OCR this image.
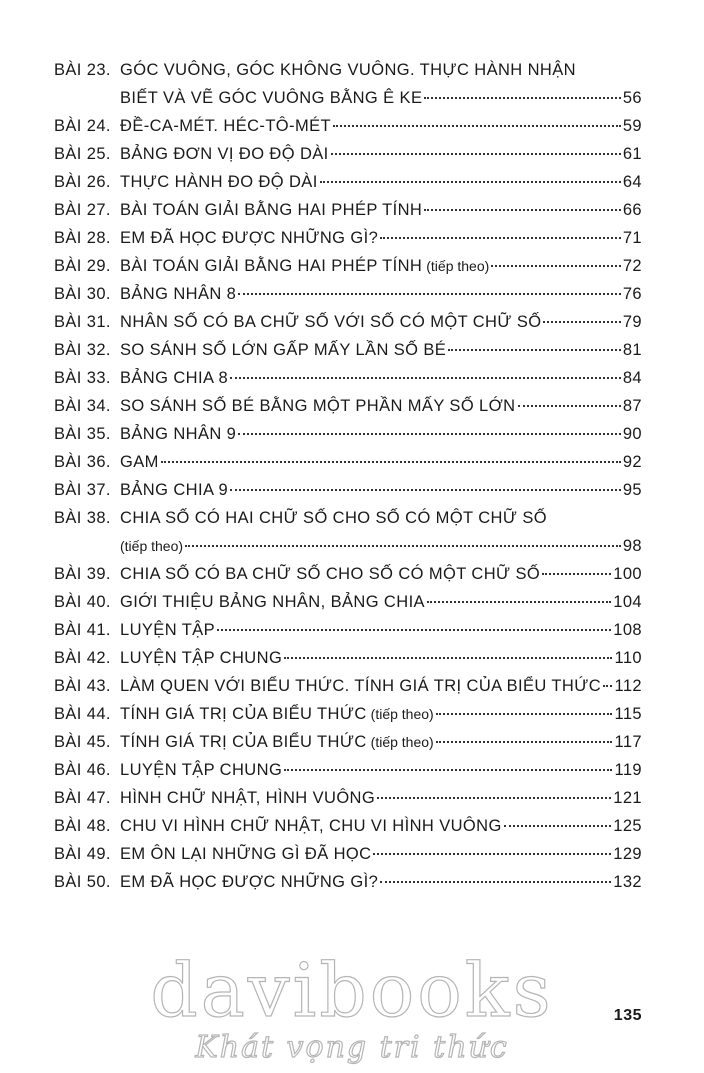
BÀI 23. GÓC VUÔNG, GÓC KHÔNG VUÔNG. THỰC HÀNH NHẬN
BIẾT VÀ VẼ GÓC VUÔNG BẰNG Ê KE	56
BÀI 24. ĐỀ-CA-MÉT. HÉC-TÔ-MÉT	59
BÀI 25. BẢNG ĐƠN VỊ ĐO ĐỘ DÀI	61
BÀI 26. THỰC HÀNH ĐO ĐỘ DÀI	64
BÀI 27. BÀI TOÁN GIẢI BẰNG HAI PHÉP TÍNH	66
BÀI 28. EM ĐÃ HỌC ĐƯỢC NHỮNG GÌ?	71
BÀI 29. BÀI TOÁN GIẢI BẰNG HAI PHÉP TÍNH (tiếp theo)	72
BÀI 30. BẢNG NHÂN 8	76
BÀI 31. NHÂN SỐ CÓ BA CHỮ SỐ VỚI SỐ CÓ MỘT CHỮ SỐ	79
BÀI 32. SO SÁNH SỐ LỚN GẤP MẤY LẦN SỐ BÉ	81
BÀI 33. BẢNG CHIA 8	84
BÀI 34. SO SÁNH SỐ BÉ BẰNG MỘT PHẦN MẤY SỐ LỚN	87
BÀI 35. BẢNG NHÂN 9	90
BÀI 36. GAM	92
BÀI 37. BẢNG CHIA 9	95
BÀI 38. CHIA SỐ CÓ HAI CHỮ SỐ CHO SỐ CÓ MỘT CHỮ SỐ
(tiếp theo)	98
BÀI 39. CHIA SỐ CÓ BA CHỮ SỐ CHO SỐ CÓ MỘT CHỮ SỐ	100
BÀI 40. GIỚI THIỆU BẢNG NHÂN, BẢNG CHIA	104
BÀI 41. LUYỆN TẬP	108
BÀI 42. LUYỆN TẬP CHUNG	110
BÀI 43. LÀM QUEN VỚI BIỂU THỨC. TÍNH GIÁ TRỊ CỦA BIỂU THỨC 112
BÀI 44. TÍNH GIÁ TRỊ CỦA BIỂU THỨC (tiếp theo)	115
BÀI 45. TÍNH GIÁ TRỊ CỦA BIỂU THỨC (tiếp theo)	117
BÀI 46. LUYỆN TẬP CHUNG	119
BÀI 47. HÌNH CHỮ NHẬT, HÌNH VUÔNG	121
BÀI 48. CHU VI HÌNH CHỮ NHẬT, CHU VI HÌNH VUÔNG	125
BÀI 49. EM ÔN LẠI NHỮNG GÌ ĐÃ HỌC	129
BÀI 50. EM ĐÃ HỌC ĐƯỢC NHỮNG GÌ?	132
135
davibooks
Khát vọng tri thức
